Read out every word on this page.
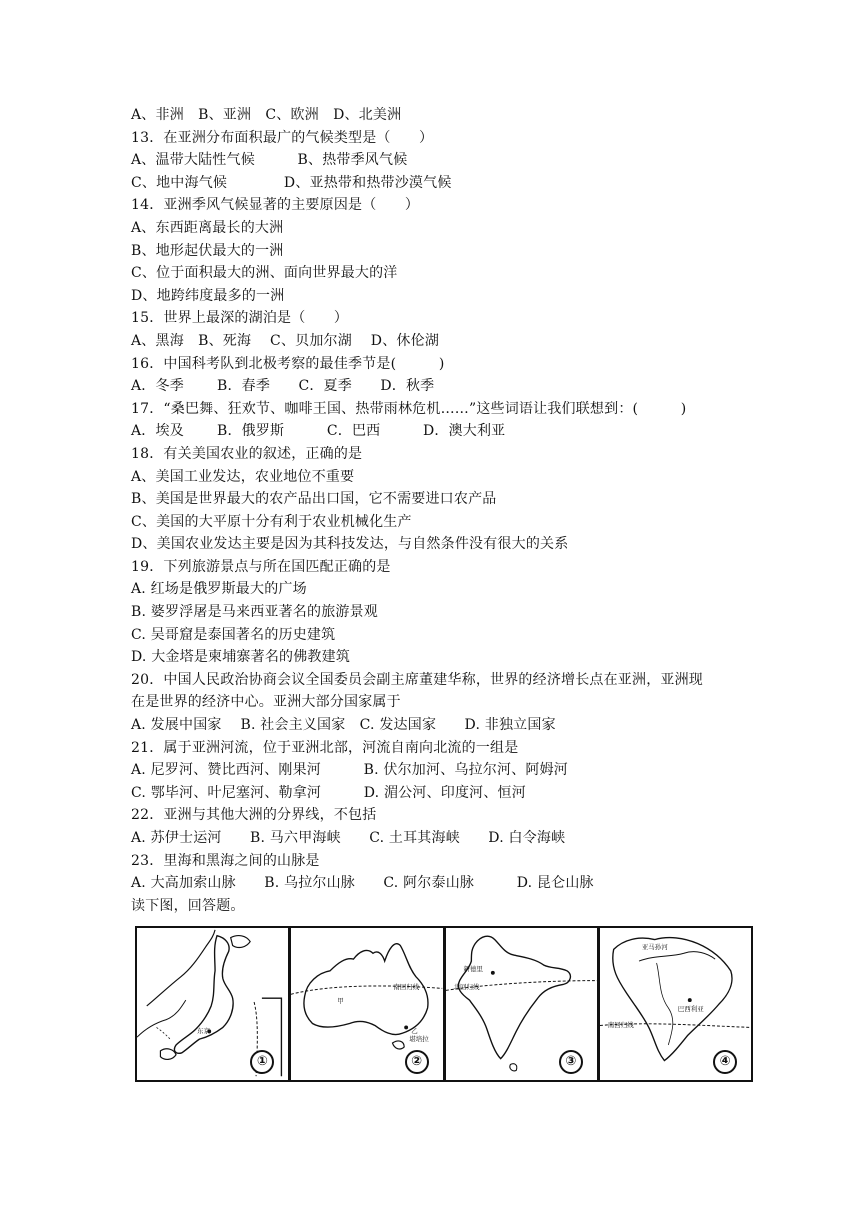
A、非洲　B、亚洲　C、欧洲　D、北美洲
13．在亚洲分布面积最广的气候类型是（　　）
A、温带大陆性气候　　　B、热带季风气候
C、地中海气候　　　　D、亚热带和热带沙漠气候
14．亚洲季风气候显著的主要原因是（　　）
A、东西距离最长的大洲
B、地形起伏最大的一洲
C、位于面积最大的洲、面向世界最大的洋
D、地跨纬度最多的一洲
15．世界上最深的湖泊是（　　）
A、黑海　B、死海　 C、贝加尔湖　 D、休伦湖
16．中国科考队到北极考察的最佳季节是(　　　)
A．冬季　　 B．春季　　C．夏季　　D．秋季
17．“桑巴舞、狂欢节、咖啡王国、热带雨林危机……”这些词语让我们联想到：(　　　)
A．埃及　　 B．俄罗斯　　　C．巴西　　　D．澳大利亚
18．有关美国农业的叙述，正确的是
A、美国工业发达，农业地位不重要
B、美国是世界最大的农产品出口国，它不需要进口农产品
C、美国的大平原十分有利于农业机械化生产
D、美国农业发达主要是因为其科技发达，与自然条件没有很大的关系
19．下列旅游景点与所在国匹配正确的是
A. 红场是俄罗斯最大的广场
B. 婆罗浮屠是马来西亚著名的旅游景观
C. 吴哥窟是泰国著名的历史建筑
D. 大金塔是柬埔寨著名的佛教建筑
20．中国人民政治协商会议全国委员会副主席董建华称，世界的经济增长点在亚洲，亚洲现
在是世界的经济中心。亚洲大部分国家属于
A. 发展中国家　 B. 社会主义国家　C. 发达国家　　D. 非独立国家
21．属于亚洲河流，位于亚洲北部，河流自南向北流的一组是
A. 尼罗河、赞比西河、刚果河　　　B. 伏尔加河、乌拉尔河、阿姆河
C. 鄂毕河、叶尼塞河、勒拿河　　　D. 湄公河、印度河、恒河
22．亚洲与其他大洲的分界线，不包括
A. 苏伊士运河　　B. 马六甲海峡　　C. 土耳其海峡　　D. 白令海峡
23．里海和黑海之间的山脉是
A. 大高加索山脉　　B. 乌拉尔山脉　　C. 阿尔泰山脉　　　D. 昆仑山脉
读下图，回答题。
东京
①
南回归线
甲
乙
堪培拉
②
新德里
北回归线
③
亚马孙河
巴西利亚
南回归线
④
